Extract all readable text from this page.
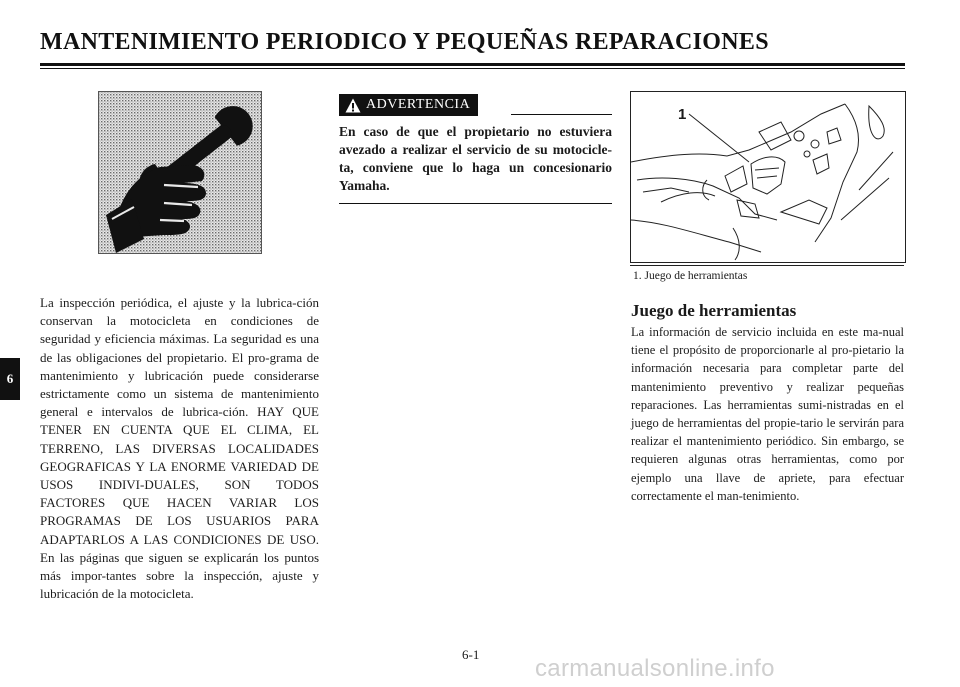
MANTENIMIENTO PERIODICO Y PEQUEÑAS REPARACIONES
ADVERTENCIA

En caso de que el propietario no estuviera avezado a realizar el servicio de su motocicle-ta, conviene que lo haga un concesionario Yamaha.

1
1. Juego de herramientas
6

La inspección periódica, el ajuste y la lubrica-ción conservan la motocicleta en condiciones de seguridad y eficiencia máximas. La seguridad es una de las obligaciones del propietario. El pro-grama de mantenimiento y lubricación puede considerarse estrictamente como un sistema de mantenimiento general e intervalos de lubrica-ción. HAY QUE TENER EN CUENTA QUE EL CLIMA, EL TERRENO, LAS DIVERSAS LOCALIDADES GEOGRAFICAS Y LA ENORME VARIEDAD DE USOS INDIVI-DUALES, SON TODOS FACTORES QUE HACEN VARIAR LOS PROGRAMAS DE LOS USUARIOS PARA ADAPTARLOS A LAS CONDICIONES DE USO. En las páginas que siguen se explicarán los puntos más impor-tantes sobre la inspección, ajuste y lubricación de la motocicleta.

Juego de herramientas

La información de servicio incluida en este ma-nual tiene el propósito de proporcionarle al pro-pietario la información necesaria para completar parte del mantenimiento preventivo y realizar pequeñas reparaciones. Las herramientas sumi-nistradas en el juego de herramientas del propie-tario le servirán para realizar el mantenimiento periódico. Sin embargo, se requieren algunas otras herramientas, como por ejemplo una llave de apriete, para efectuar correctamente el man-tenimiento.

6-1
carmanualsonline.info
